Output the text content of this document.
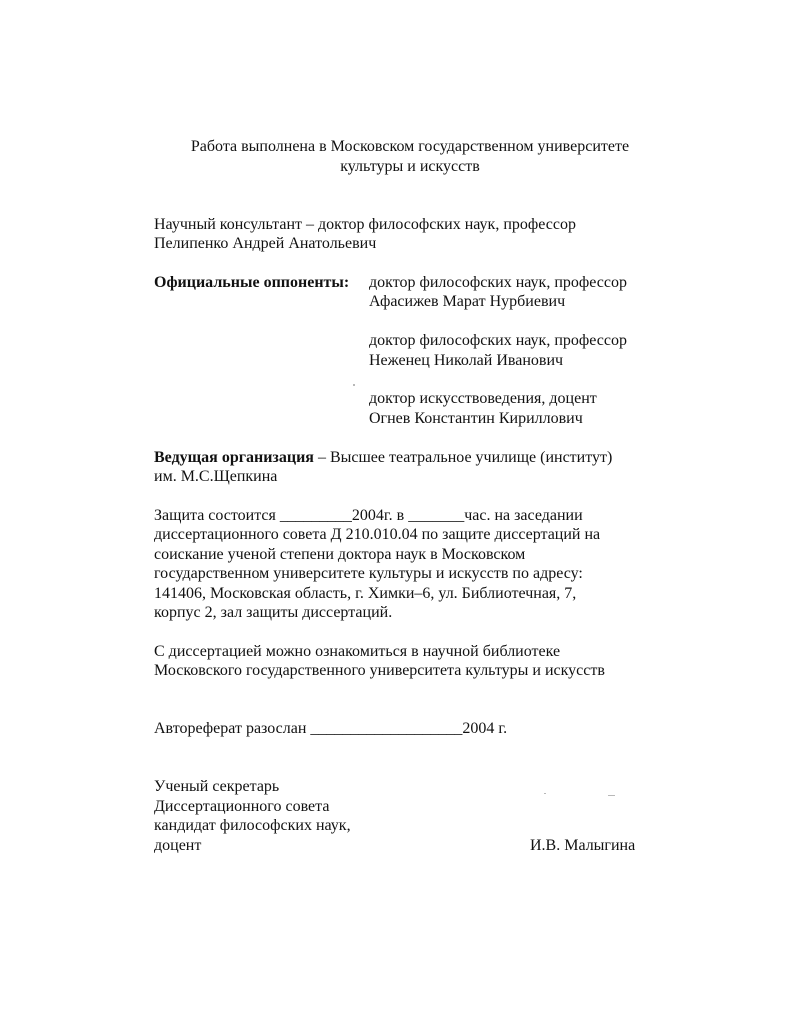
Работа выполнена в Московском государственном университете
культуры и искусств
Научный консультант – доктор философских наук, профессор
Пелипенко Андрей Анатольевич
Официальные оппоненты: доктор философских наук, профессор
Афасижев Марат Нурбиевич
доктор философских наук, профессор
Неженец Николай Иванович
доктор искусствоведения, доцент
Огнев Константин Кириллович
Ведущая организация – Высшее театральное училище (институт)
им. М.С.Щепкина
Защита состоится _________2004г. в _______час. на заседании
диссертационного совета Д 210.010.04 по защите диссертаций на
соискание ученой степени доктора наук в Московском
государственном университете культуры и искусств по адресу:
141406, Московская область, г. Химки–6, ул. Библиотечная, 7,
корпус 2, зал защиты диссертаций.
С диссертацией можно ознакомиться в научной библиотеке
Московского государственного университета культуры и искусств
Автореферат разослан ___________________2004 г.
Ученый секретарь
Диссертационного совета
кандидат философских наук,
доцент	И.В. Малыгина
